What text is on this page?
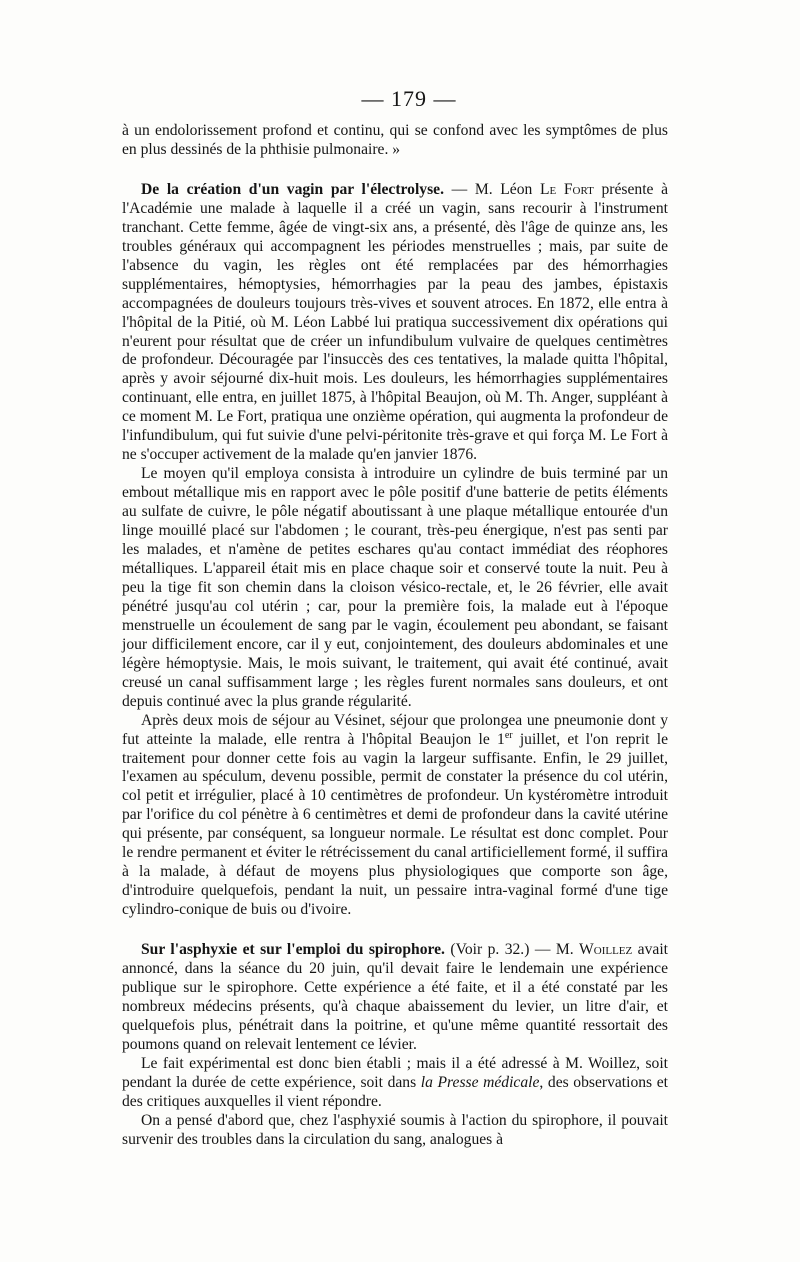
— 179 —

à un endolorissement profond et continu, qui se confond avec les symptômes de plus en plus dessinés de la phthisie pulmonaire. »

De la création d'un vagin par l'électrolyse. — M. Léon Le Fort présente à l'Académie une malade à laquelle il a créé un vagin, sans recourir à l'instrument tranchant. Cette femme, âgée de vingt-six ans, a présenté, dès l'âge de quinze ans, les troubles généraux qui accompagnent les périodes menstruelles ; mais, par suite de l'absence du vagin, les règles ont été remplacées par des hémorrhagies supplémentaires, hémoptysies, hémorrhagies par la peau des jambes, épistaxis accompagnées de douleurs toujours très-vives et souvent atroces. En 1872, elle entra à l'hôpital de la Pitié, où M. Léon Labbé lui pratiqua successivement dix opérations qui n'eurent pour résultat que de créer un infundibulum vulvaire de quelques centimètres de profondeur. Découragée par l'insuccès des ces tentatives, la malade quitta l'hôpital, après y avoir séjourné dix-huit mois. Les douleurs, les hémorrhagies supplémentaires continuant, elle entra, en juillet 1875, à l'hôpital Beaujon, où M. Th. Anger, suppléant à ce moment M. Le Fort, pratiqua une onzième opération, qui augmenta la profondeur de l'infundibulum, qui fut suivie d'une pelvi-péritonite très-grave et qui força M. Le Fort à ne s'occuper activement de la malade qu'en janvier 1876.

Le moyen qu'il employa consista à introduire un cylindre de buis terminé par un embout métallique mis en rapport avec le pôle positif d'une batterie de petits éléments au sulfate de cuivre, le pôle négatif aboutissant à une plaque métallique entourée d'un linge mouillé placé sur l'abdomen ; le courant, très-peu énergique, n'est pas senti par les malades, et n'amène de petites eschares qu'au contact immédiat des réophores métalliques. L'appareil était mis en place chaque soir et conservé toute la nuit. Peu à peu la tige fit son chemin dans la cloison vésico-rectale, et, le 26 février, elle avait pénétré jusqu'au col utérin ; car, pour la première fois, la malade eut à l'époque menstruelle un écoulement de sang par le vagin, écoulement peu abondant, se faisant jour difficilement encore, car il y eut, conjointement, des douleurs abdominales et une légère hémoptysie. Mais, le mois suivant, le traitement, qui avait été continué, avait creusé un canal suffisamment large ; les règles furent normales sans douleurs, et ont depuis continué avec la plus grande régularité.

Après deux mois de séjour au Vésinet, séjour que prolongea une pneumonie dont y fut atteinte la malade, elle rentra à l'hôpital Beaujon le 1er juillet, et l'on reprit le traitement pour donner cette fois au vagin la largeur suffisante. Enfin, le 29 juillet, l'examen au spéculum, devenu possible, permit de constater la présence du col utérin, col petit et irrégulier, placé à 10 centimètres de profondeur. Un kystéromètre introduit par l'orifice du col pénètre à 6 centimètres et demi de profondeur dans la cavité utérine qui présente, par conséquent, sa longueur normale. Le résultat est donc complet. Pour le rendre permanent et éviter le rétrécissement du canal artificiellement formé, il suffira à la malade, à défaut de moyens plus physiologiques que comporte son âge, d'introduire quelquefois, pendant la nuit, un pessaire intra-vaginal formé d'une tige cylindro-conique de buis ou d'ivoire.

Sur l'asphyxie et sur l'emploi du spirophore. (Voir p. 32.) — M. Woillez avait annoncé, dans la séance du 20 juin, qu'il devait faire le lendemain une expérience publique sur le spirophore. Cette expérience a été faite, et il a été constaté par les nombreux médecins présents, qu'à chaque abaissement du levier, un litre d'air, et quelquefois plus, pénétrait dans la poitrine, et qu'une même quantité ressortait des poumons quand on relevait lentement ce lévier.

Le fait expérimental est donc bien établi ; mais il a été adressé à M. Woillez, soit pendant la durée de cette expérience, soit dans la Presse médicale, des observations et des critiques auxquelles il vient répondre.

On a pensé d'abord que, chez l'asphyxié soumis à l'action du spirophore, il pouvait survenir des troubles dans la circulation du sang, analogues à
